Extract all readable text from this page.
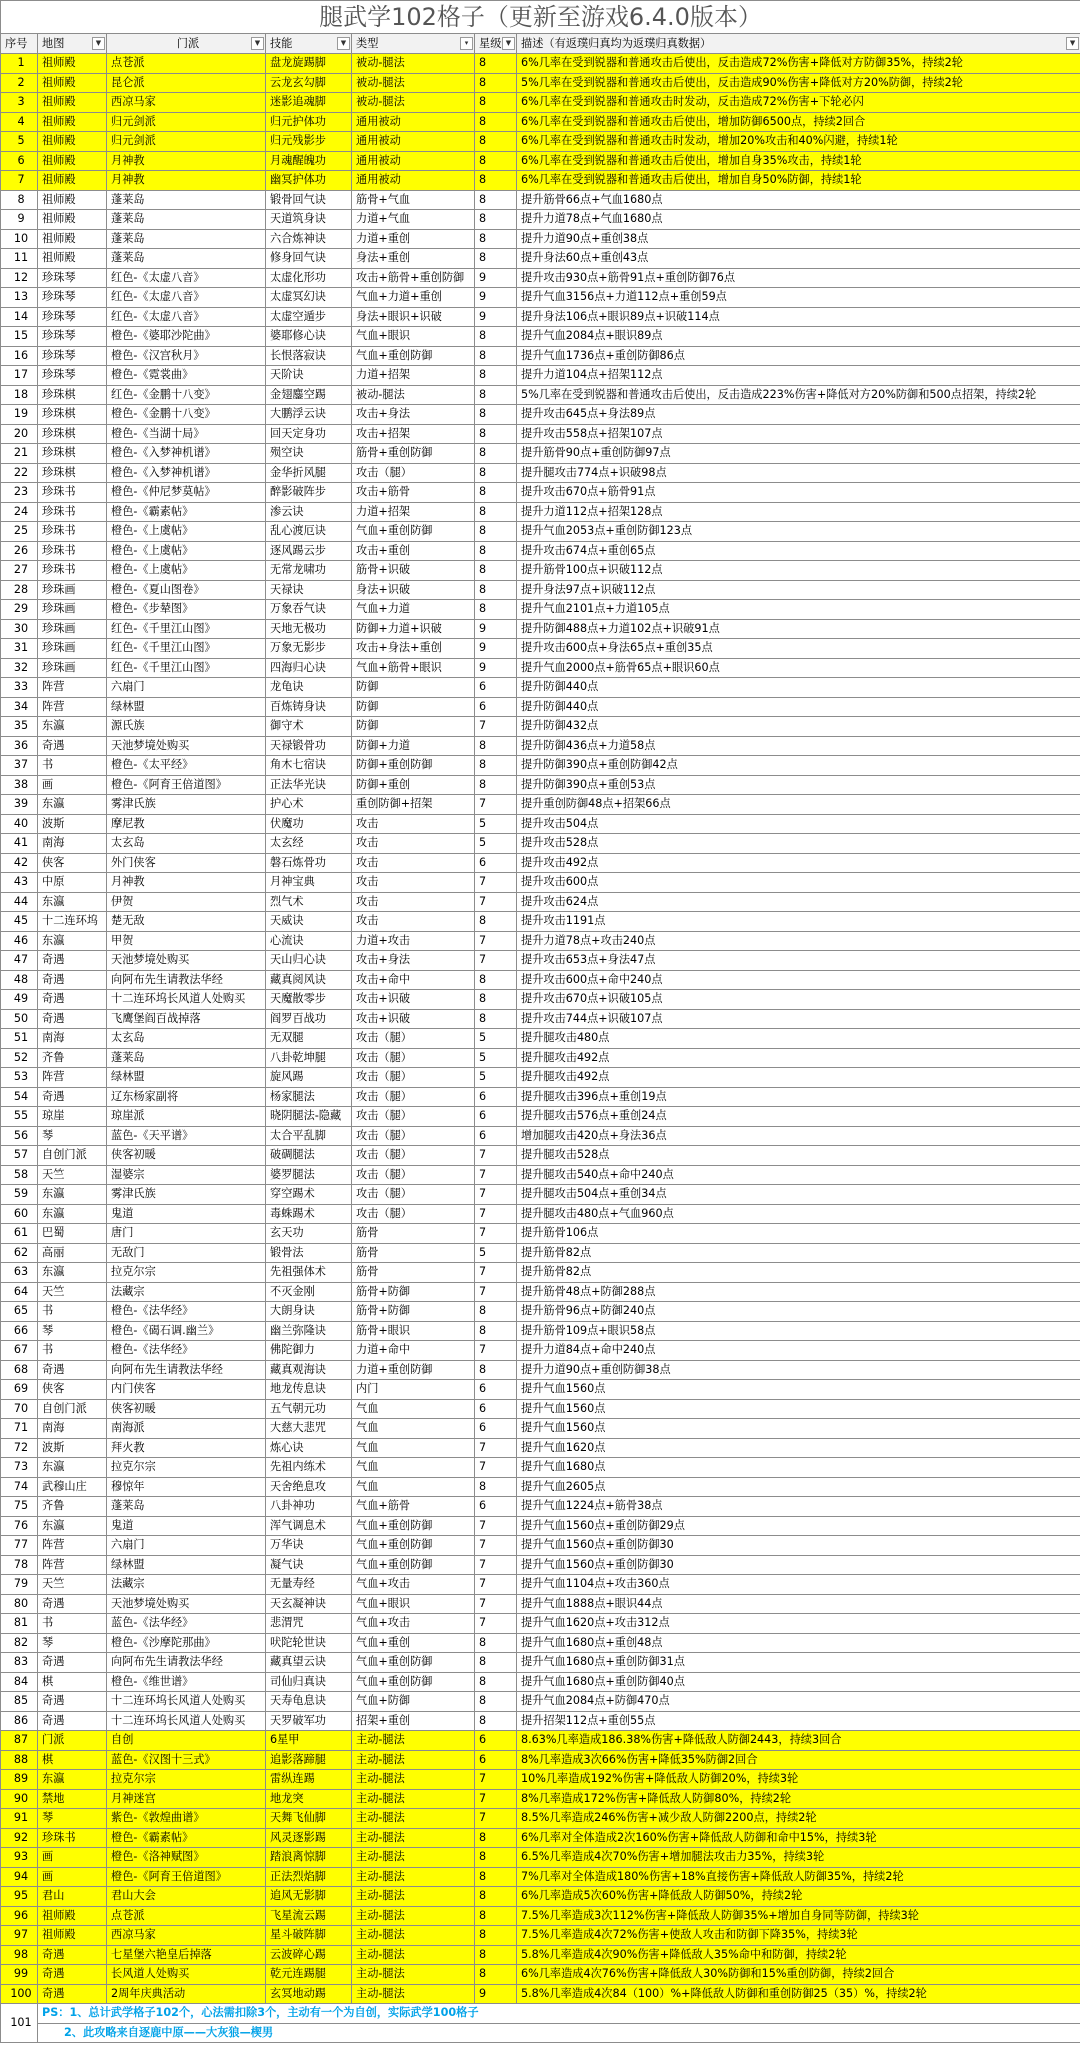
腿武学102格子（更新至游戏6.4.0版本）						
序号	地图 ▼	门派 ▼	技能 ▼	类型 ▾	星级 ▼	描述（有返璞归真均为返璞归真数据） ▼

1	祖师殿	点苍派	盘龙旋踢脚	被动-腿法	8	6%几率在受到锐器和普通攻击后使出，反击造成72%伤害+降低对方防御35%，持续2轮
2	祖师殿	昆仑派	云龙玄勾脚	被动-腿法	8	5%几率在受到锐器和普通攻击后使出，反击造成90%伤害+降低对方20%防御，持续2轮
3	祖师殿	西凉马家	迷影追魂脚	被动-腿法	8	6%几率在受到锐器和普通攻击时发动，反击造成72%伤害+下轮必闪
4	祖师殿	归元剑派	归元护体功	通用被动	8	6%几率在受到锐器和普通攻击后使出，增加防御6500点，持续2回合
5	祖师殿	归元剑派	归元残影步	通用被动	8	6%几率在受到锐器和普通攻击时发动，增加20%攻击和40%闪避，持续1轮
6	祖师殿	月神教	月魂醒魄功	通用被动	8	6%几率在受到锐器和普通攻击后使出，增加自身35%攻击，持续1轮
7	祖师殿	月神教	幽冥护体功	通用被动	8	6%几率在受到锐器和普通攻击后使出，增加自身50%防御，持续1轮
8	祖师殿	蓬莱岛	锻骨回气诀	筋骨+气血	8	提升筋骨66点+气血1680点
9	祖师殿	蓬莱岛	天道筑身诀	力道+气血	8	提升力道78点+气血1680点
10	祖师殿	蓬莱岛	六合炼神诀	力道+重创	8	提升力道90点+重创38点
11	祖师殿	蓬莱岛	修身回气诀	身法+重创	8	提升身法60点+重创43点
12	珍珠琴	红色-《太虚八音》	太虚化形功	攻击+筋骨+重创防御	9	提升攻击930点+筋骨91点+重创防御76点
13	珍珠琴	红色-《太虚八音》	太虚冥幻诀	气血+力道+重创	9	提升气血3156点+力道112点+重创59点
14	珍珠琴	红色-《太虚八音》	太虚空遁步	身法+眼识+识破	9	提升身法106点+眼识89点+识破114点
15	珍珠琴	橙色-《婆耶沙陀曲》	婆耶修心诀	气血+眼识	8	提升气血2084点+眼识89点
16	珍珠琴	橙色-《汉宫秋月》	长恨落寂诀	气血+重创防御	8	提升气血1736点+重创防御86点
17	珍珠琴	橙色-《霓裳曲》	天阶诀	力道+招架	8	提升力道104点+招架112点
18	珍珠棋	红色-《金鹏十八变》	金翅鏖空踢	被动-腿法	8	5%几率在受到锐器和普通攻击后使出，反击造成223%伤害+降低对方20%防御和500点招架，持续2轮
19	珍珠棋	橙色-《金鹏十八变》	大鹏浮云诀	攻击+身法	8	提升攻击645点+身法89点
20	珍珠棋	橙色-《当湖十局》	回天定身功	攻击+招架	8	提升攻击558点+招架107点
21	珍珠棋	橙色-《入梦神机谱》	殒空诀	筋骨+重创防御	8	提升筋骨90点+重创防御97点
22	珍珠棋	橙色-《入梦神机谱》	金华折风腿	攻击（腿）	8	提升腿攻击774点+识破98点
23	珍珠书	橙色-《仲尼梦莫帖》	醉影破阵步	攻击+筋骨	8	提升攻击670点+筋骨91点
24	珍珠书	橙色-《霸素帖》	渗云诀	力道+招架	8	提升力道112点+招架128点
25	珍珠书	橙色-《上虞帖》	乱心渡厄诀	气血+重创防御	8	提升气血2053点+重创防御123点
26	珍珠书	橙色-《上虞帖》	逐风踢云步	攻击+重创	8	提升攻击674点+重创65点
27	珍珠书	橙色-《上虞帖》	无常龙啸功	筋骨+识破	8	提升筋骨100点+识破112点
28	珍珠画	橙色-《夏山图卷》	天禄诀	身法+识破	8	提升身法97点+识破112点
29	珍珠画	橙色-《步辇图》	万象吞气诀	气血+力道	8	提升气血2101点+力道105点
30	珍珠画	红色-《千里江山图》	天地无极功	防御+力道+识破	9	提升防御488点+力道102点+识破91点
31	珍珠画	红色-《千里江山图》	万象无影步	攻击+身法+重创	9	提升攻击600点+身法65点+重创35点
32	珍珠画	红色-《千里江山图》	四海归心诀	气血+筋骨+眼识	9	提升气血2000点+筋骨65点+眼识60点
33	阵营	六扇门	龙龟诀	防御	6	提升防御440点
34	阵营	绿林盟	百炼铸身诀	防御	6	提升防御440点
35	东瀛	源氏族	御守术	防御	7	提升防御432点
36	奇遇	天池梦境处购买	天禄锻骨功	防御+力道	8	提升防御436点+力道58点
37	书	橙色-《太平经》	角木七宿诀	防御+重创防御	8	提升防御390点+重创防御42点
38	画	橙色-《阿育王倍道图》	正法华光诀	防御+重创	8	提升防御390点+重创53点
39	东瀛	雾津氏族	护心术	重创防御+招架	7	提升重创防御48点+招架66点
40	波斯	摩尼教	伏魔功	攻击	5	提升攻击504点
41	南海	太玄岛	太玄经	攻击	5	提升攻击528点
42	侠客	外门侠客	磐石炼骨功	攻击	6	提升攻击492点
43	中原	月神教	月神宝典	攻击	7	提升攻击600点
44	东瀛	伊贺	烈气术	攻击	7	提升攻击624点
45	十二连环坞	楚无敌	天威诀	攻击	8	提升攻击1191点
46	东瀛	甲贺	心流诀	力道+攻击	7	提升力道78点+攻击240点
47	奇遇	天池梦境处购买	天山归心诀	攻击+身法	7	提升攻击653点+身法47点
48	奇遇	向阿布先生请教法华经	藏真阅风诀	攻击+命中	8	提升攻击600点+命中240点
49	奇遇	十二连环坞长风道人处购买	天魔散零步	攻击+识破	8	提升攻击670点+识破105点
50	奇遇	飞鹰堡阎百战掉落	阎罗百战功	攻击+识破	8	提升攻击744点+识破107点
51	南海	太玄岛	无双腿	攻击（腿）	5	提升腿攻击480点
52	齐鲁	蓬莱岛	八卦乾坤腿	攻击（腿）	5	提升腿攻击492点
53	阵营	绿林盟	旋风踢	攻击（腿）	5	提升腿攻击492点
54	奇遇	辽东杨家副将	杨家腿法	攻击（腿）	6	提升腿攻击396点+重创19点
55	琼崖	琼崖派	晓阴腿法-隐藏	攻击（腿）	6	提升腿攻击576点+重创24点
56	琴	蓝色-《天平谱》	太合平乱脚	攻击（腿）	6	增加腿攻击420点+身法36点
57	自创门派	侠客初暖	破碉腿法	攻击（腿）	7	提升腿攻击528点
58	天竺	湿婆宗	婆罗腿法	攻击（腿）	7	提升腿攻击540点+命中240点
59	东瀛	雾津氏族	穿空踢术	攻击（腿）	7	提升腿攻击504点+重创34点
60	东瀛	鬼道	毒蛛踢术	攻击（腿）	7	提升腿攻击480点+气血960点
61	巴蜀	唐门	玄天功	筋骨	7	提升筋骨106点
62	高丽	无敌门	锻骨法	筋骨	5	提升筋骨82点
63	东瀛	拉克尔宗	先祖强体术	筋骨	7	提升筋骨82点
64	天竺	法藏宗	不灭金刚	筋骨+防御	7	提升筋骨48点+防御288点
65	书	橙色-《法华经》	大朗身诀	筋骨+防御	8	提升筋骨96点+防御240点
66	琴	橙色-《碣石调.幽兰》	幽兰弥隆诀	筋骨+眼识	8	提升筋骨109点+眼识58点
67	书	橙色-《法华经》	佛陀御力	力道+命中	7	提升力道84点+命中240点
68	奇遇	向阿布先生请教法华经	藏真观海诀	力道+重创防御	8	提升力道90点+重创防御38点
69	侠客	内门侠客	地龙传息诀	内门	6	提升气血1560点
70	自创门派	侠客初暖	五气朝元功	气血	6	提升气血1560点
71	南海	南海派	大慈大悲咒	气血	6	提升气血1560点
72	波斯	拜火教	炼心诀	气血	7	提升气血1620点
73	东瀛	拉克尔宗	先祖内练术	气血	7	提升气血1680点
74	武穆山庄	穆惊年	天舍绝息攻	气血	8	提升气血2605点
75	齐鲁	蓬莱岛	八卦神功	气血+筋骨	6	提升气血1224点+筋骨38点
76	东瀛	鬼道	浑气调息术	气血+重创防御	7	提升气血1560点+重创防御29点
77	阵营	六扇门	万华诀	气血+重创防御	7	提升气血1560点+重创防御30
78	阵营	绿林盟	凝气诀	气血+重创防御	7	提升气血1560点+重创防御30
79	天竺	法藏宗	无量寿经	气血+攻击	7	提升气血1104点+攻击360点
80	奇遇	天池梦境处购买	天玄凝神诀	气血+眼识	7	提升气血1888点+眼识44点
81	书	蓝色-《法华经》	悲渭咒	气血+攻击	7	提升气血1620点+攻击312点
82	琴	橙色-《沙摩陀那曲》	吠陀轮世诀	气血+重创	8	提升气血1680点+重创48点
83	奇遇	向阿布先生请教法华经	藏真望云诀	气血+重创防御	8	提升气血1680点+重创防御31点
84	棋	橙色-《维世谱》	司仙归真诀	气血+重创防御	8	提升气血1680点+重创防御40点
85	奇遇	十二连环坞长风道人处购买	天寿龟息诀	气血+防御	8	提升气血2084点+防御470点
86	奇遇	十二连环坞长风道人处购买	天罗破军功	招架+重创	8	提升招架112点+重创55点
87	门派	自创	6星甲	主动-腿法	6	8.63%几率造成186.38%伤害+降低敌人防御2443，持续3回合
88	棋	蓝色-《汉图十三式》	追影落蹄腿	主动-腿法	6	8%几率造成3次66%伤害+降低35%防御2回合
89	东瀛	拉克尔宗	雷纵连踢	主动-腿法	7	10%几率造成192%伤害+降低敌人防御20%，持续3轮
90	禁地	月神迷宫	地龙突	主动-腿法	7	8%几率造成172%伤害+降低敌人防御80%，持续2轮
91	琴	紫色-《敦煌曲谱》	天舞飞仙脚	主动-腿法	7	8.5%几率造成246%伤害+减少敌人防御2200点，持续2轮
92	珍珠书	橙色-《霸素帖》	风灵逐影踢	主动-腿法	8	6%几率对全体造成2次160%伤害+降低敌人防御和命中15%，持续3轮
93	画	橙色-《洛神赋图》	踏浪离惊脚	主动-腿法	8	6.5%几率造成4次70%伤害+增加腿法攻击力35%，持续3轮
94	画	橙色-《阿育王倍道图》	正法烈焰脚	主动-腿法	8	7%几率对全体造成180%伤害+18%直接伤害+降低敌人防御35%，持续2轮
95	君山	君山大会	追风无影脚	主动-腿法	8	6%几率造成5次60%伤害+降低敌人防御50%，持续2轮
96	祖师殿	点苍派	飞星流云踢	主动-腿法	8	7.5%几率造成3次112%伤害+降低敌人防御35%+增加自身同等防御，持续3轮
97	祖师殿	西凉马家	星斗破阵脚	主动-腿法	8	7.5%几率造成4次72%伤害+使敌人攻击和防御下降35%，持续3轮
98	奇遇	七星堡六艳皇后掉落	云波碎心踢	主动-腿法	8	5.8%几率造成4次90%伤害+降低敌人35%命中和防御，持续2轮
99	奇遇	长风道人处购买	乾元连踢腿	主动-腿法	8	6%几率造成4次76%伤害+降低敌人30%防御和15%重创防御，持续2回合
100	奇遇	2周年庆典活动	玄冥地动踢	主动-腿法	9	5.8%几率造成4次84（100）%+降低敌人防御和重创防御25（35）%，持续2轮
101	PS：1、总计武学格子102个，心法需扣除3个，主动有一个为自创，实际武学100格子					
	2、此攻略来自逐鹿中原——大灰狼—楔男					
